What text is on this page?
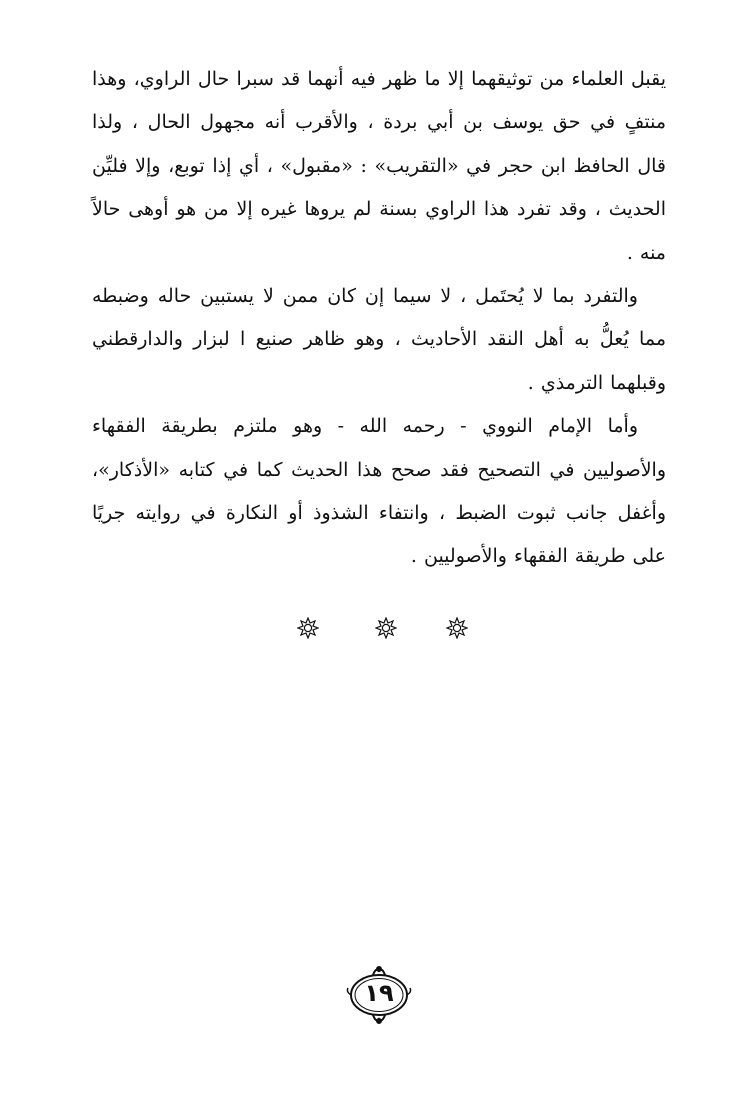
يقبل العلماء من توثيقهما إلا ما ظهر فيه أنهما قد سبرا حال الراوي، وهذا منتفٍ في حق يوسف بن أبي بردة ، والأقرب أنه مجهول الحال ، ولذا قال الحافظ ابن حجر في «التقريب» : «مقبول» ، أي إذا توبع، وإلا فليِّن الحديث ، وقد تفرد هذا الراوي بسنة لم يروها غيره إلا من هو أوهى حالاً منه .

والتفرد بما لا يُحتَمل ، لا سيما إن كان ممن لا يستبين حاله وضبطه مما يُعلُّ به أهل النقد الأحاديث ، وهو ظاهر صنيع ا لبزار والدارقطني وقبلهما الترمذي .

وأما الإمام النووي - رحمه الله - وهو ملتزم بطريقة الفقهاء والأصوليين في التصحيح فقد صحح هذا الحديث كما في كتابه «الأذكار»، وأغفل جانب ثبوت الضبط ، وانتفاء الشذوذ أو النكارة في روايته جريًا على طريقة الفقهاء والأصوليين .

١٩
